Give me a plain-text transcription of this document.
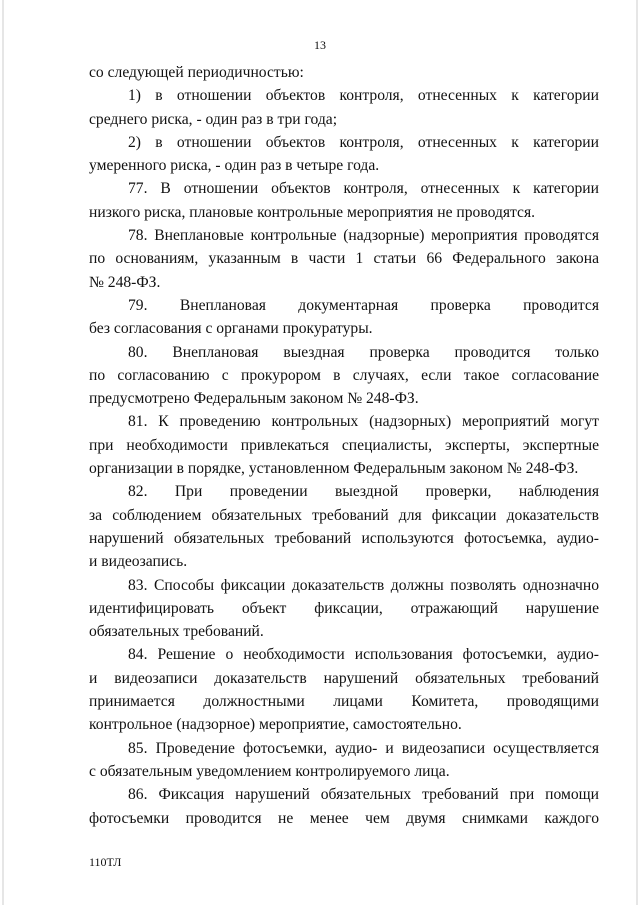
13
со следующей периодичностью:
1) в отношении объектов контроля, отнесенных к категории
среднего риска, - один раз в три года;
2) в отношении объектов контроля, отнесенных к категории
умеренного риска, - один раз в четыре года.
77. В отношении объектов контроля, отнесенных к категории
низкого риска, плановые контрольные мероприятия не проводятся.
78. Внеплановые контрольные (надзорные) мероприятия проводятся
по основаниям, указанным в части 1 статьи 66 Федерального закона
№ 248-ФЗ.
79. Внеплановая документарная проверка проводится
без согласования с органами прокуратуры.
80. Внеплановая выездная проверка проводится только
по согласованию с прокурором в случаях, если такое согласование
предусмотрено Федеральным законом № 248-ФЗ.
81. К проведению контрольных (надзорных) мероприятий могут
при необходимости привлекаться специалисты, эксперты, экспертные
организации в порядке, установленном Федеральным законом № 248-ФЗ.
82. При проведении выездной проверки, наблюдения
за соблюдением обязательных требований для фиксации доказательств
нарушений обязательных требований используются фотосъемка, аудио-
и видеозапись.
83. Способы фиксации доказательств должны позволять однозначно
идентифицировать объект фиксации, отражающий нарушение
обязательных требований.
84. Решение о необходимости использования фотосъемки, аудио-
и видеозаписи доказательств нарушений обязательных требований
принимается должностными лицами Комитета, проводящими
контрольное (надзорное) мероприятие, самостоятельно.
85. Проведение фотосъемки, аудио- и видеозаписи осуществляется
с обязательным уведомлением контролируемого лица.
86. Фиксация нарушений обязательных требований при помощи
фотосъемки проводится не менее чем двумя снимками каждого
110ТЛ
